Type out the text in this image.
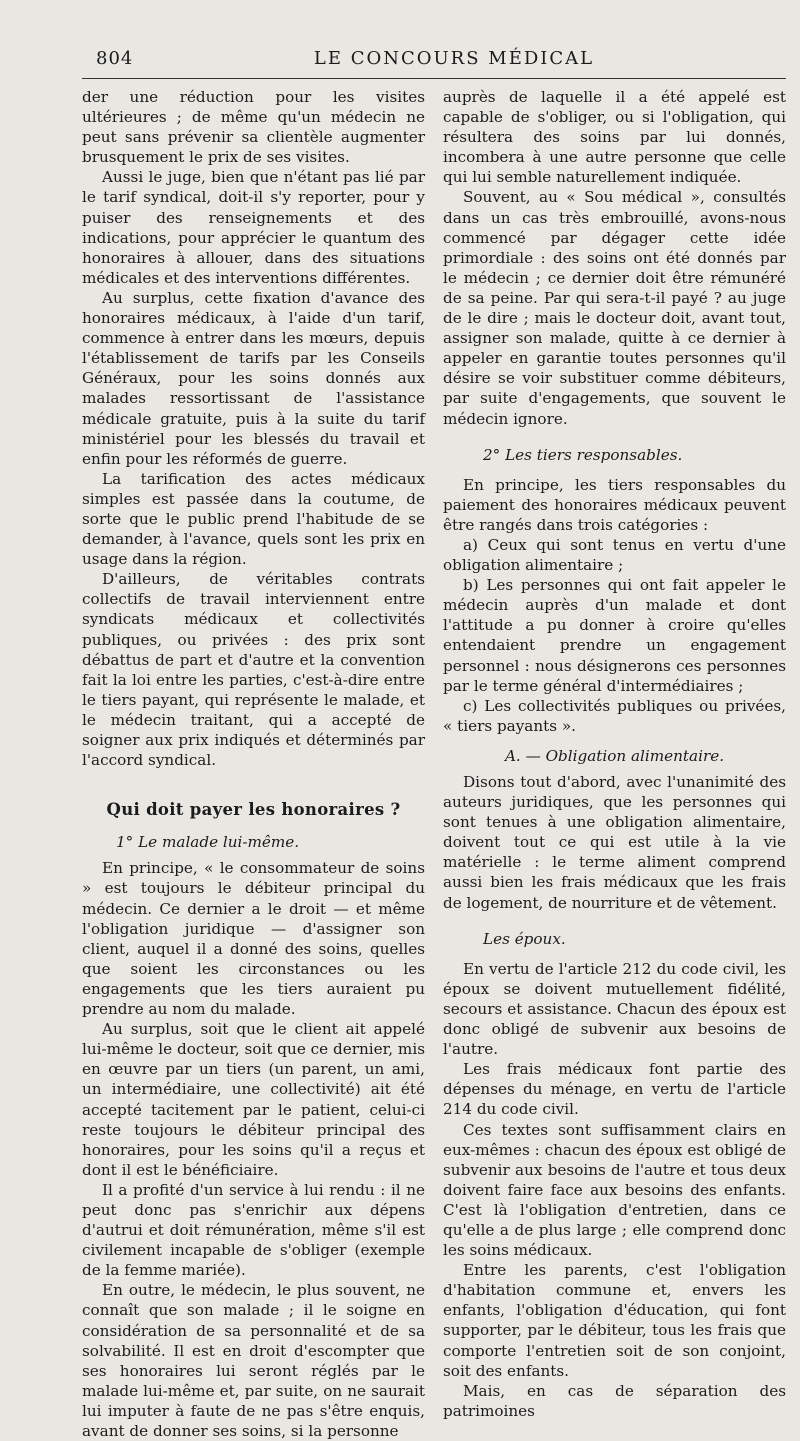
804	LE CONCOURS MÉDICAL

der une réduction pour les visites ultérieures ; de même qu'un médecin ne peut sans prévenir sa clientèle augmenter brusquement le prix de ses visites.

Aussi le juge, bien que n'étant pas lié par le tarif syndical, doit-il s'y reporter, pour y puiser des renseignements et des indications, pour apprécier le quantum des honoraires à allouer, dans des situations médicales et des interventions différentes.

Au surplus, cette fixation d'avance des honoraires médicaux, à l'aide d'un tarif, commence à entrer dans les mœurs, depuis l'établissement de tarifs par les Conseils Généraux, pour les soins donnés aux malades ressortissant de l'assistance médicale gratuite, puis à la suite du tarif ministériel pour les blessés du travail et enfin pour les réformés de guerre.

La tarification des actes médicaux simples est passée dans la coutume, de sorte que le public prend l'habitude de se demander, à l'avance, quels sont les prix en usage dans la région.

D'ailleurs, de véritables contrats collectifs de travail interviennent entre syndicats médicaux et collectivités publiques, ou privées : des prix sont débattus de part et d'autre et la convention fait la loi entre les parties, c'est-à-dire entre le tiers payant, qui représente le malade, et le médecin traitant, qui a accepté de soigner aux prix indiqués et déterminés par l'accord syndical.

Qui doit payer les honoraires ?
1° Le malade lui-même.

En principe, « le consommateur de soins » est toujours le débiteur principal du médecin. Ce dernier a le droit — et même l'obligation juridique — d'assigner son client, auquel il a donné des soins, quelles que soient les circonstances ou les engagements que les tiers auraient pu prendre au nom du malade.

Au surplus, soit que le client ait appelé lui-même le docteur, soit que ce dernier, mis en œuvre par un tiers (un parent, un ami, un intermédiaire, une collectivité) ait été accepté tacitement par le patient, celui-ci reste toujours le débiteur principal des honoraires, pour les soins qu'il a reçus et dont il est le bénéficiaire.

Il a profité d'un service à lui rendu : il ne peut donc pas s'enrichir aux dépens d'autrui et doit rémunération, même s'il est civilement incapable de s'obliger (exemple de la femme mariée).

En outre, le médecin, le plus souvent, ne connaît que son malade ; il le soigne en considération de sa personnalité et de sa solvabilité. Il est en droit d'escompter que ses honoraires lui seront réglés par le malade lui-même et, par suite, on ne saurait lui imputer à faute de ne pas s'être enquis, avant de donner ses soins, si la personne

auprès de laquelle il a été appelé est capable de s'obliger, ou si l'obligation, qui résultera des soins par lui donnés, incombera à une autre personne que celle qui lui semble naturellement indiquée.

Souvent, au « Sou médical », consultés dans un cas très embrouillé, avons-nous commencé par dégager cette idée primordiale : des soins ont été donnés par le médecin ; ce dernier doit être rémunéré de sa peine. Par qui sera-t-il payé ? au juge de le dire ; mais le docteur doit, avant tout, assigner son malade, quitte à ce dernier à appeler en garantie toutes personnes qu'il désire se voir substituer comme débiteurs, par suite d'engagements, que souvent le médecin ignore.

2° Les tiers responsables.

En principe, les tiers responsables du paiement des honoraires médicaux peuvent être rangés dans trois catégories :

a) Ceux qui sont tenus en vertu d'une obligation alimentaire ;

b) Les personnes qui ont fait appeler le médecin auprès d'un malade et dont l'attitude a pu donner à croire qu'elles entendaient prendre un engagement personnel : nous désignerons ces personnes par le terme général d'intermédiaires ;

c) Les collectivités publiques ou privées, « tiers payants ».

A. — Obligation alimentaire.

Disons tout d'abord, avec l'unanimité des auteurs juridiques, que les personnes qui sont tenues à une obligation alimentaire, doivent tout ce qui est utile à la vie matérielle : le terme aliment comprend aussi bien les frais médicaux que les frais de logement, de nourriture et de vêtement.

Les époux.

En vertu de l'article 212 du code civil, les époux se doivent mutuellement fidélité, secours et assistance. Chacun des époux est donc obligé de subvenir aux besoins de l'autre.

Les frais médicaux font partie des dépenses du ménage, en vertu de l'article 214 du code civil.

Ces textes sont suffisamment clairs en eux-mêmes : chacun des époux est obligé de subvenir aux besoins de l'autre et tous deux doivent faire face aux besoins des enfants. C'est là l'obligation d'entretien, dans ce qu'elle a de plus large ; elle comprend donc les soins médicaux.

Entre les parents, c'est l'obligation d'habitation commune et, envers les enfants, l'obligation d'éducation, qui font supporter, par le débiteur, tous les frais que comporte l'entretien soit de son conjoint, soit des enfants.

Mais, en cas de séparation des patrimoines
